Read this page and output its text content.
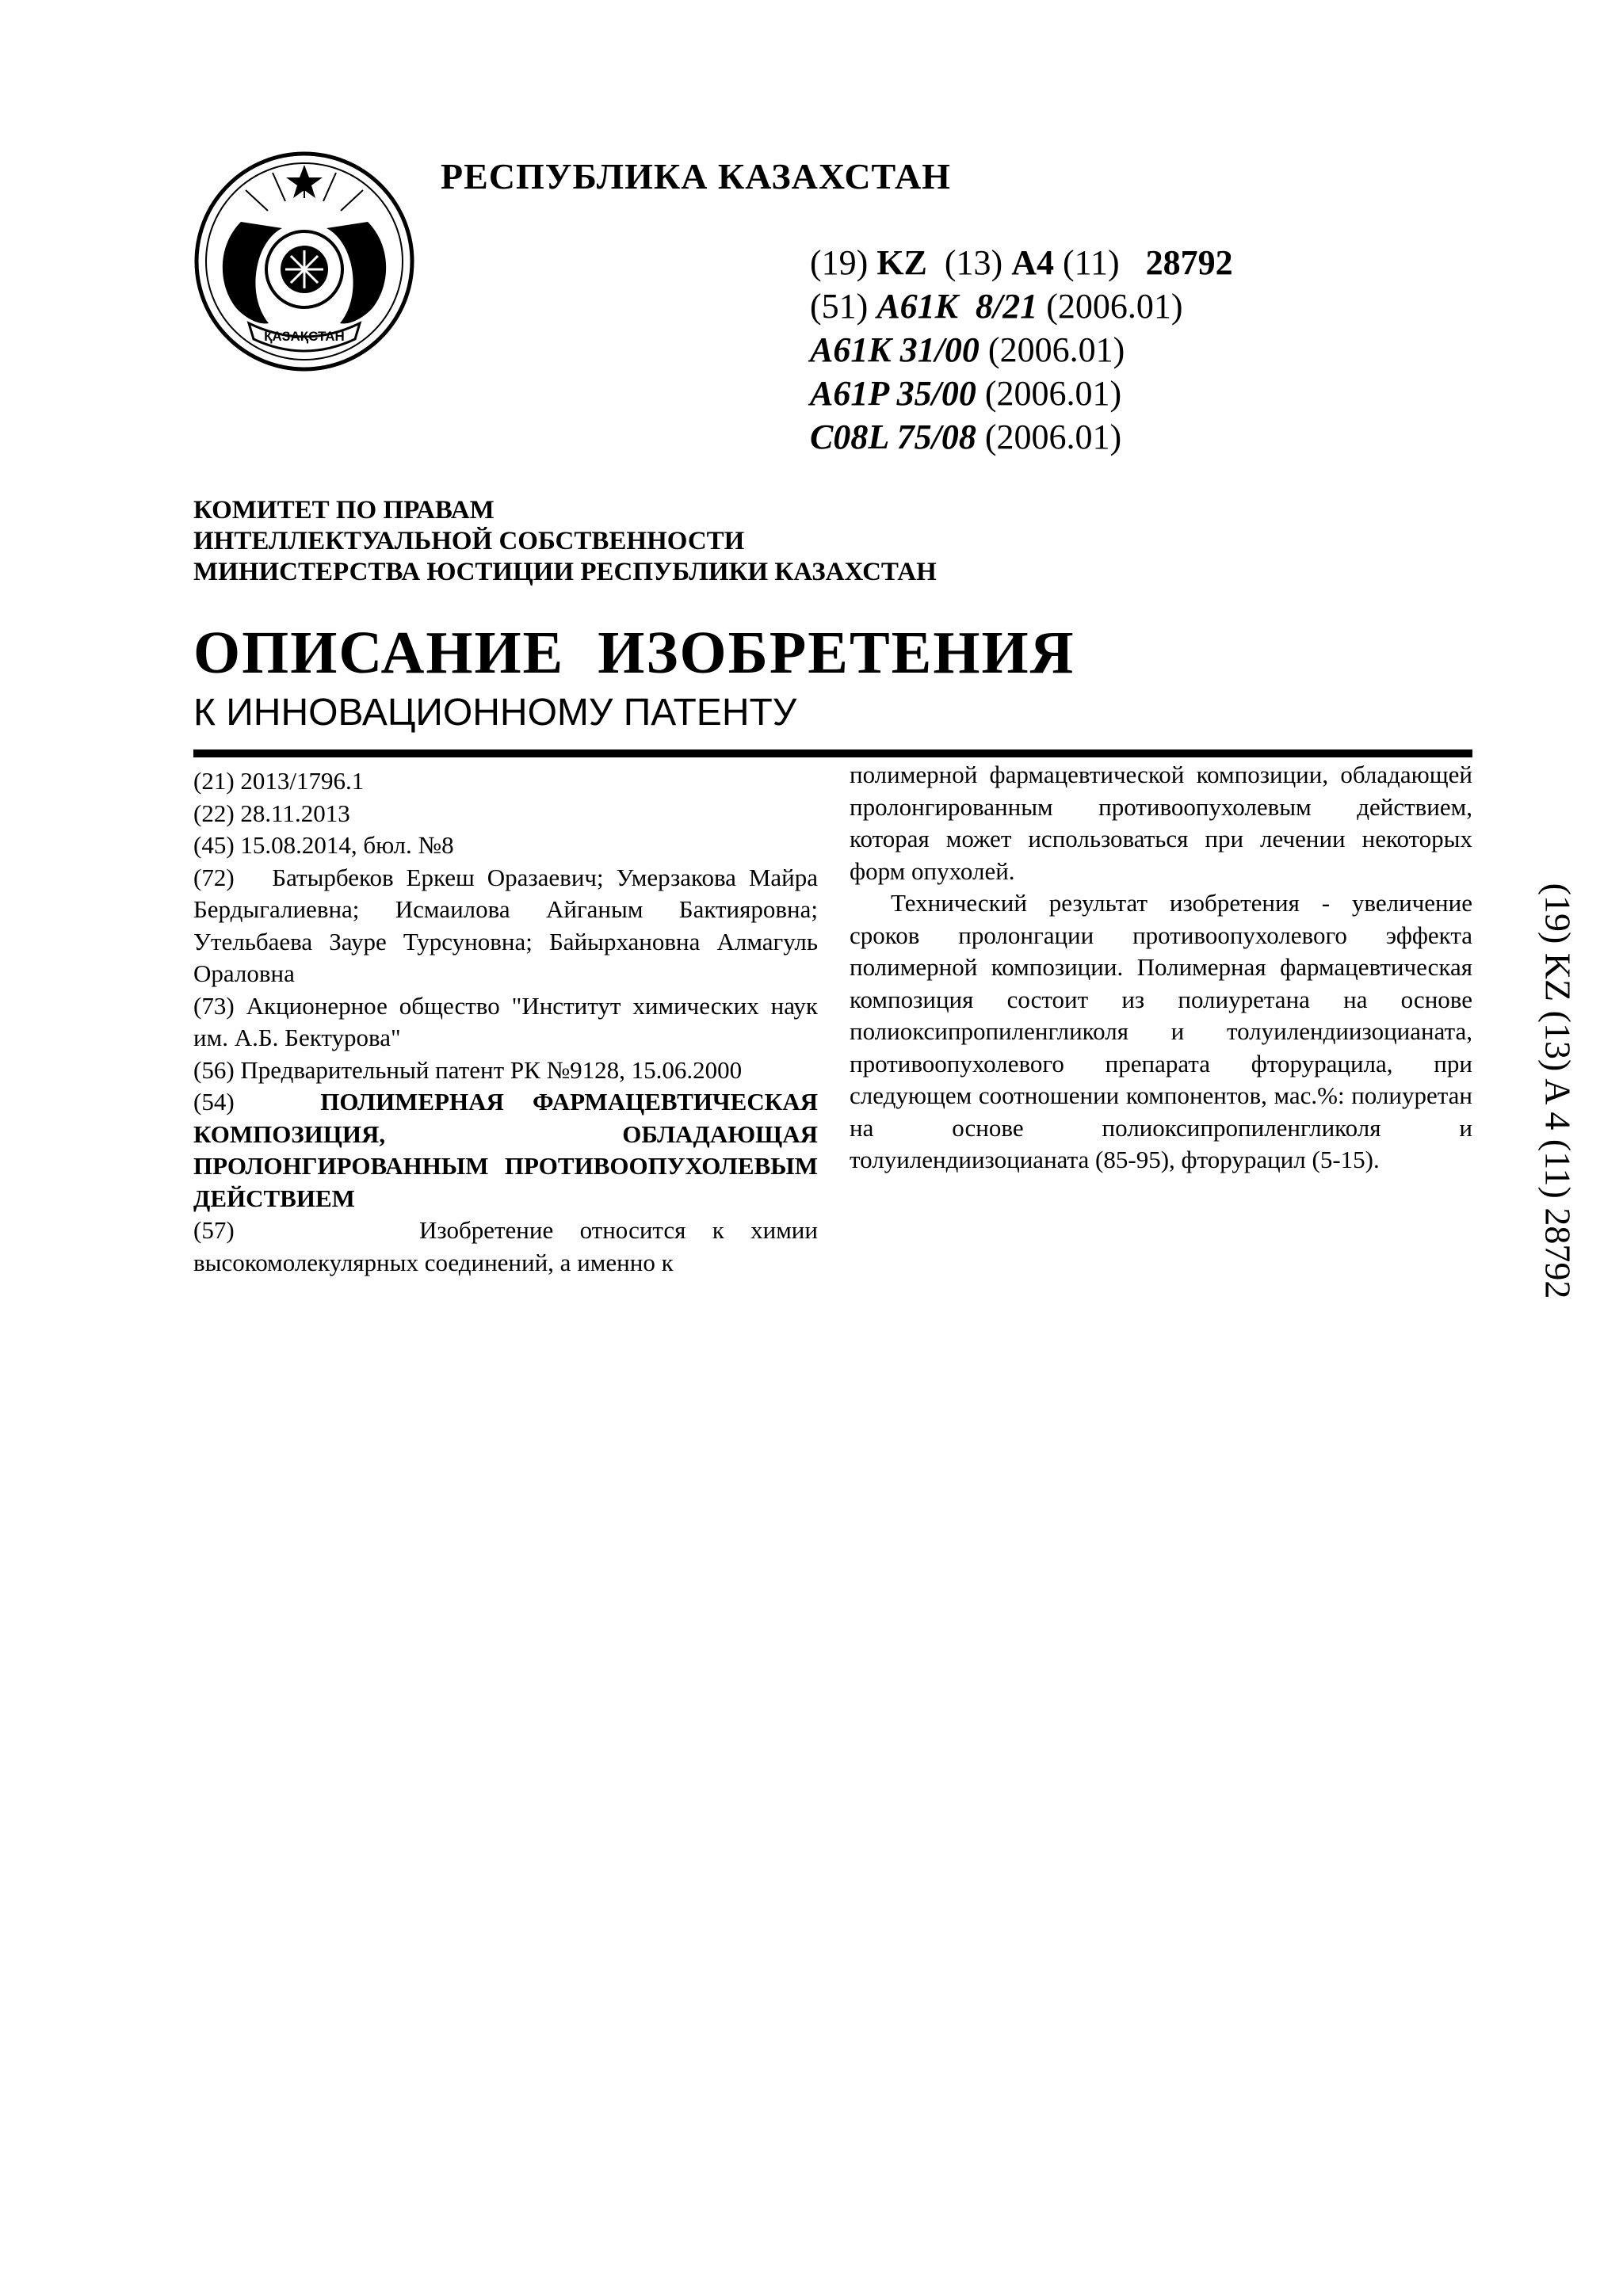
ҚАЗАҚСТАН
РЕСПУБЛИКА КАЗАХСТАН
(19) KZ (13) A4 (11) 28792
(51) A61K  8/21 (2006.01)
A61K 31/00 (2006.01)
A61P 35/00 (2006.01)
C08L 75/08 (2006.01)
КОМИТЕТ ПО ПРАВАМ
ИНТЕЛЛЕКТУАЛЬНОЙ СОБСТВЕННОСТИ
МИНИСТЕРСТВА ЮСТИЦИИ РЕСПУБЛИКИ КАЗАХСТАН
ОПИСАНИЕ  ИЗОБРЕТЕНИЯ
К ИННОВАЦИОННОМУ ПАТЕНТУ

(21) 2013/1796.1

(22) 28.11.2013

(45) 15.08.2014, бюл. №8

(72)   Батырбеков Еркеш Оразаевич; Умерзакова Майра Бердыгалиевна; Исмаилова Айганым Бактияровна; Утельбаева Зауре Турсуновна; Байырхановна Алмагуль Ораловна

(73) Акционерное общество "Институт химических наук им. А.Б. Бектурова"

(56) Предварительный патент РК №9128, 15.06.2000

(54)	ПОЛИМЕРНАЯ ФАРМАЦЕВТИЧЕСКАЯ КОМПОЗИЦИЯ, ОБЛАДАЮЩАЯ ПРОЛОНГИРОВАННЫМ ПРОТИВООПУХОЛЕВЫМ ДЕЙСТВИЕМ

(57)       Изобретение относится к химии высокомолекулярных соединений, а именно к

полимерной фармацевтической композиции, обладающей пролонгированным противоопухолевым действием, которая может использоваться при лечении некоторых форм опухолей.

Технический результат изобретения - увеличение сроков пролонгации противоопухолевого эффекта полимерной композиции. Полимерная фармацевтическая композиция состоит из полиуретана на основе полиоксипропиленгликоля и толуилендиизоцианата, противоопухолевого препарата фторурацила, при следующем соотношении компонентов, мас.%: полиуретан на основе полиоксипропиленгликоля и толуилендиизоцианата (85-95), фторурацил (5-15).	(19) KZ (13) A 4 (11) 28792
